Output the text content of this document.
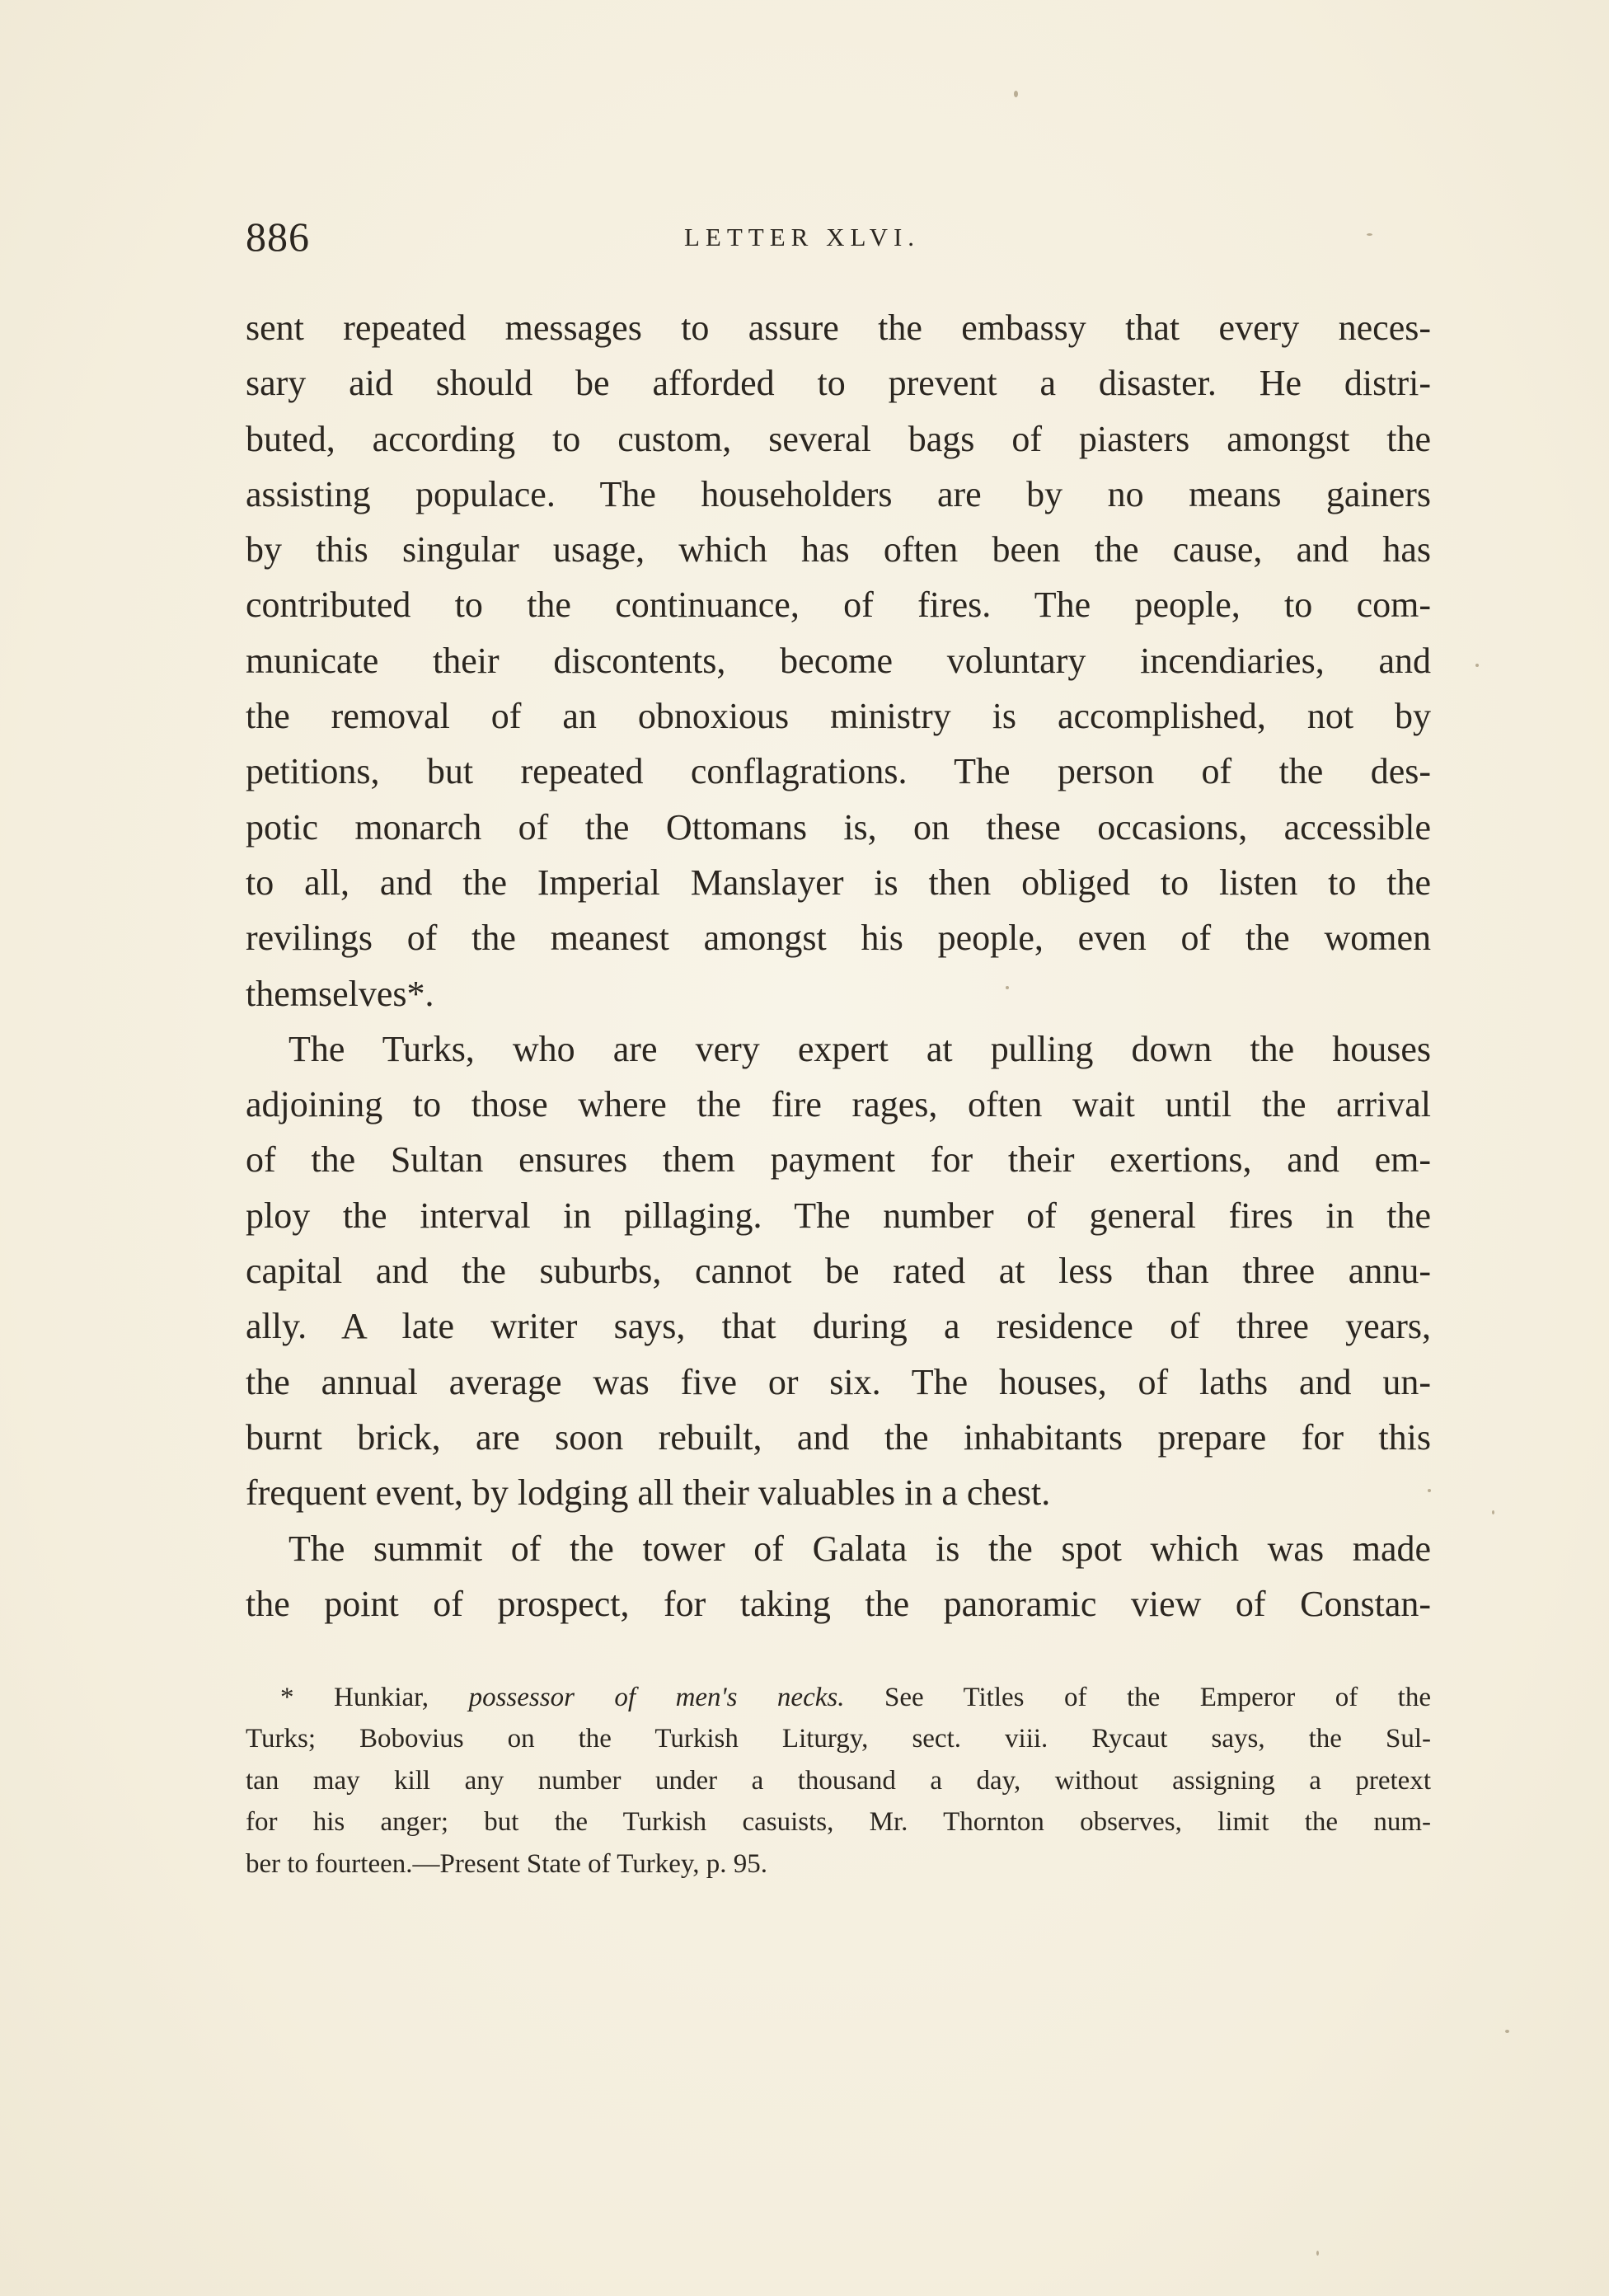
886	LETTER XLVI.
sent repeated messages to assure the embassy that every neces-
sary aid should be afforded to prevent a disaster. He distri-
buted, according to custom, several bags of piasters amongst the
assisting populace. The householders are by no means gainers
by this singular usage, which has often been the cause, and has
contributed to the continuance, of fires. The people, to com-
municate their discontents, become voluntary incendiaries, and
the removal of an obnoxious ministry is accomplished, not by
petitions, but repeated conflagrations. The person of the des-
potic monarch of the Ottomans is, on these occasions, accessible
to all, and the Imperial Manslayer is then obliged to listen to the
revilings of the meanest amongst his people, even of the women
themselves*.
The Turks, who are very expert at pulling down the houses
adjoining to those where the fire rages, often wait until the arrival
of the Sultan ensures them payment for their exertions, and em-
ploy the interval in pillaging. The number of general fires in the
capital and the suburbs, cannot be rated at less than three annu-
ally. A late writer says, that during a residence of three years,
the annual average was five or six. The houses, of laths and un-
burnt brick, are soon rebuilt, and the inhabitants prepare for this
frequent event, by lodging all their valuables in a chest.
The summit of the tower of Galata is the spot which was made
the point of prospect, for taking the panoramic view of Constan-
* Hunkiar, possessor of men's necks. See Titles of the Emperor of the
Turks; Bobovius on the Turkish Liturgy, sect. viii. Rycaut says, the Sul-
tan may kill any number under a thousand a day, without assigning a pretext
for his anger; but the Turkish casuists, Mr. Thornton observes, limit the num-
ber to fourteen.—Present State of Turkey, p. 95.
